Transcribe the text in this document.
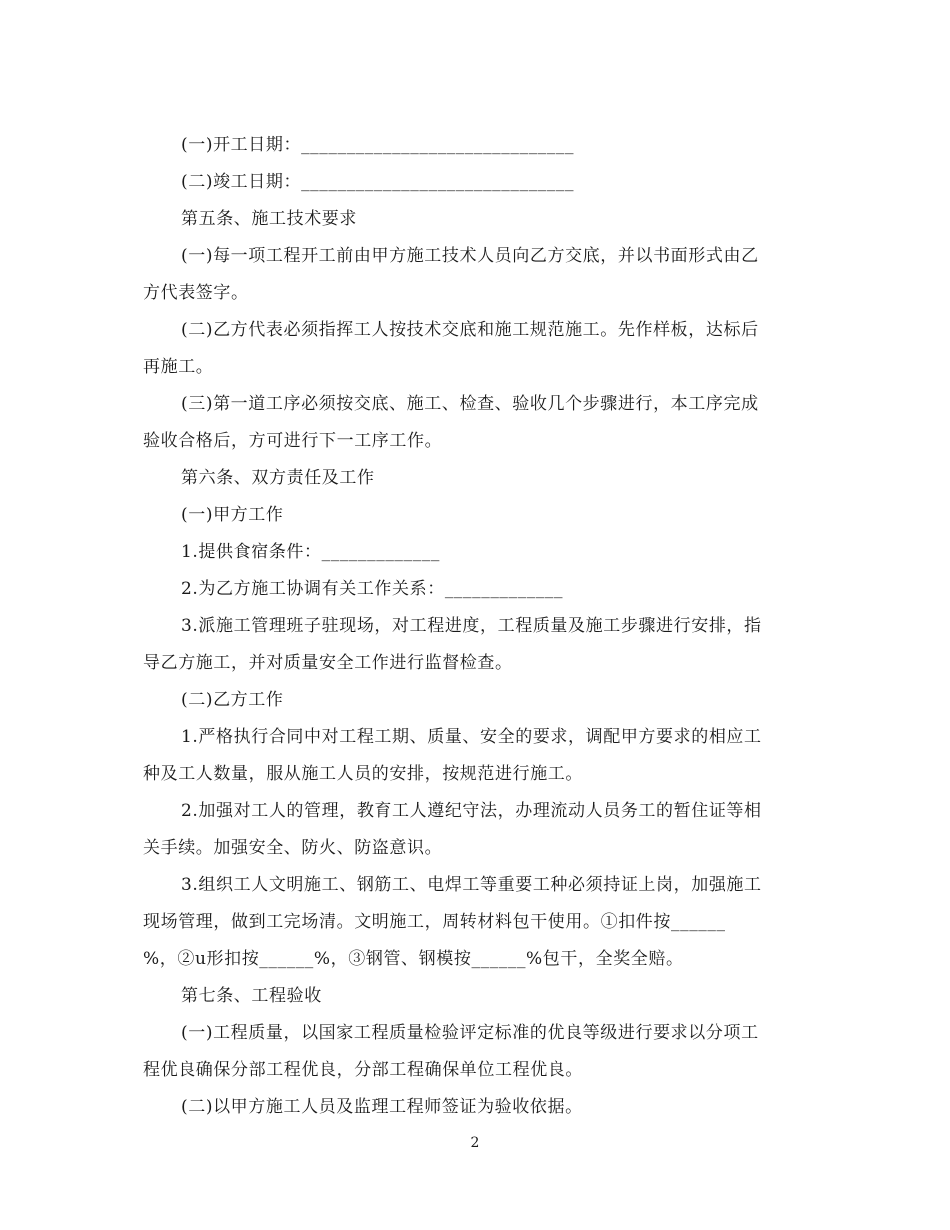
(一)开工日期：______________________________
(二)竣工日期：______________________________
第五条、施工技术要求
(一)每一项工程开工前由甲方施工技术人员向乙方交底，并以书面形式由乙
方代表签字。
(二)乙方代表必须指挥工人按技术交底和施工规范施工。先作样板，达标后
再施工。
(三)第一道工序必须按交底、施工、检查、验收几个步骤进行，本工序完成
验收合格后，方可进行下一工序工作。
第六条、双方责任及工作
(一)甲方工作
1.提供食宿条件：_____________
2.为乙方施工协调有关工作关系：_____________
3.派施工管理班子驻现场，对工程进度，工程质量及施工步骤进行安排，指
导乙方施工，并对质量安全工作进行监督检查。
(二)乙方工作
1.严格执行合同中对工程工期、质量、安全的要求，调配甲方要求的相应工
种及工人数量，服从施工人员的安排，按规范进行施工。
2.加强对工人的管理，教育工人遵纪守法，办理流动人员务工的暂住证等相
关手续。加强安全、防火、防盗意识。
3.组织工人文明施工、钢筋工、电焊工等重要工种必须持证上岗，加强施工
现场管理，做到工完场清。文明施工，周转材料包干使用。①扣件按______
%，②u形扣按______%，③钢管、钢模按______%包干，全奖全赔。
第七条、工程验收
(一)工程质量，以国家工程质量检验评定标准的优良等级进行要求以分项工
程优良确保分部工程优良，分部工程确保单位工程优良。
(二)以甲方施工人员及监理工程师签证为验收依据。
2
